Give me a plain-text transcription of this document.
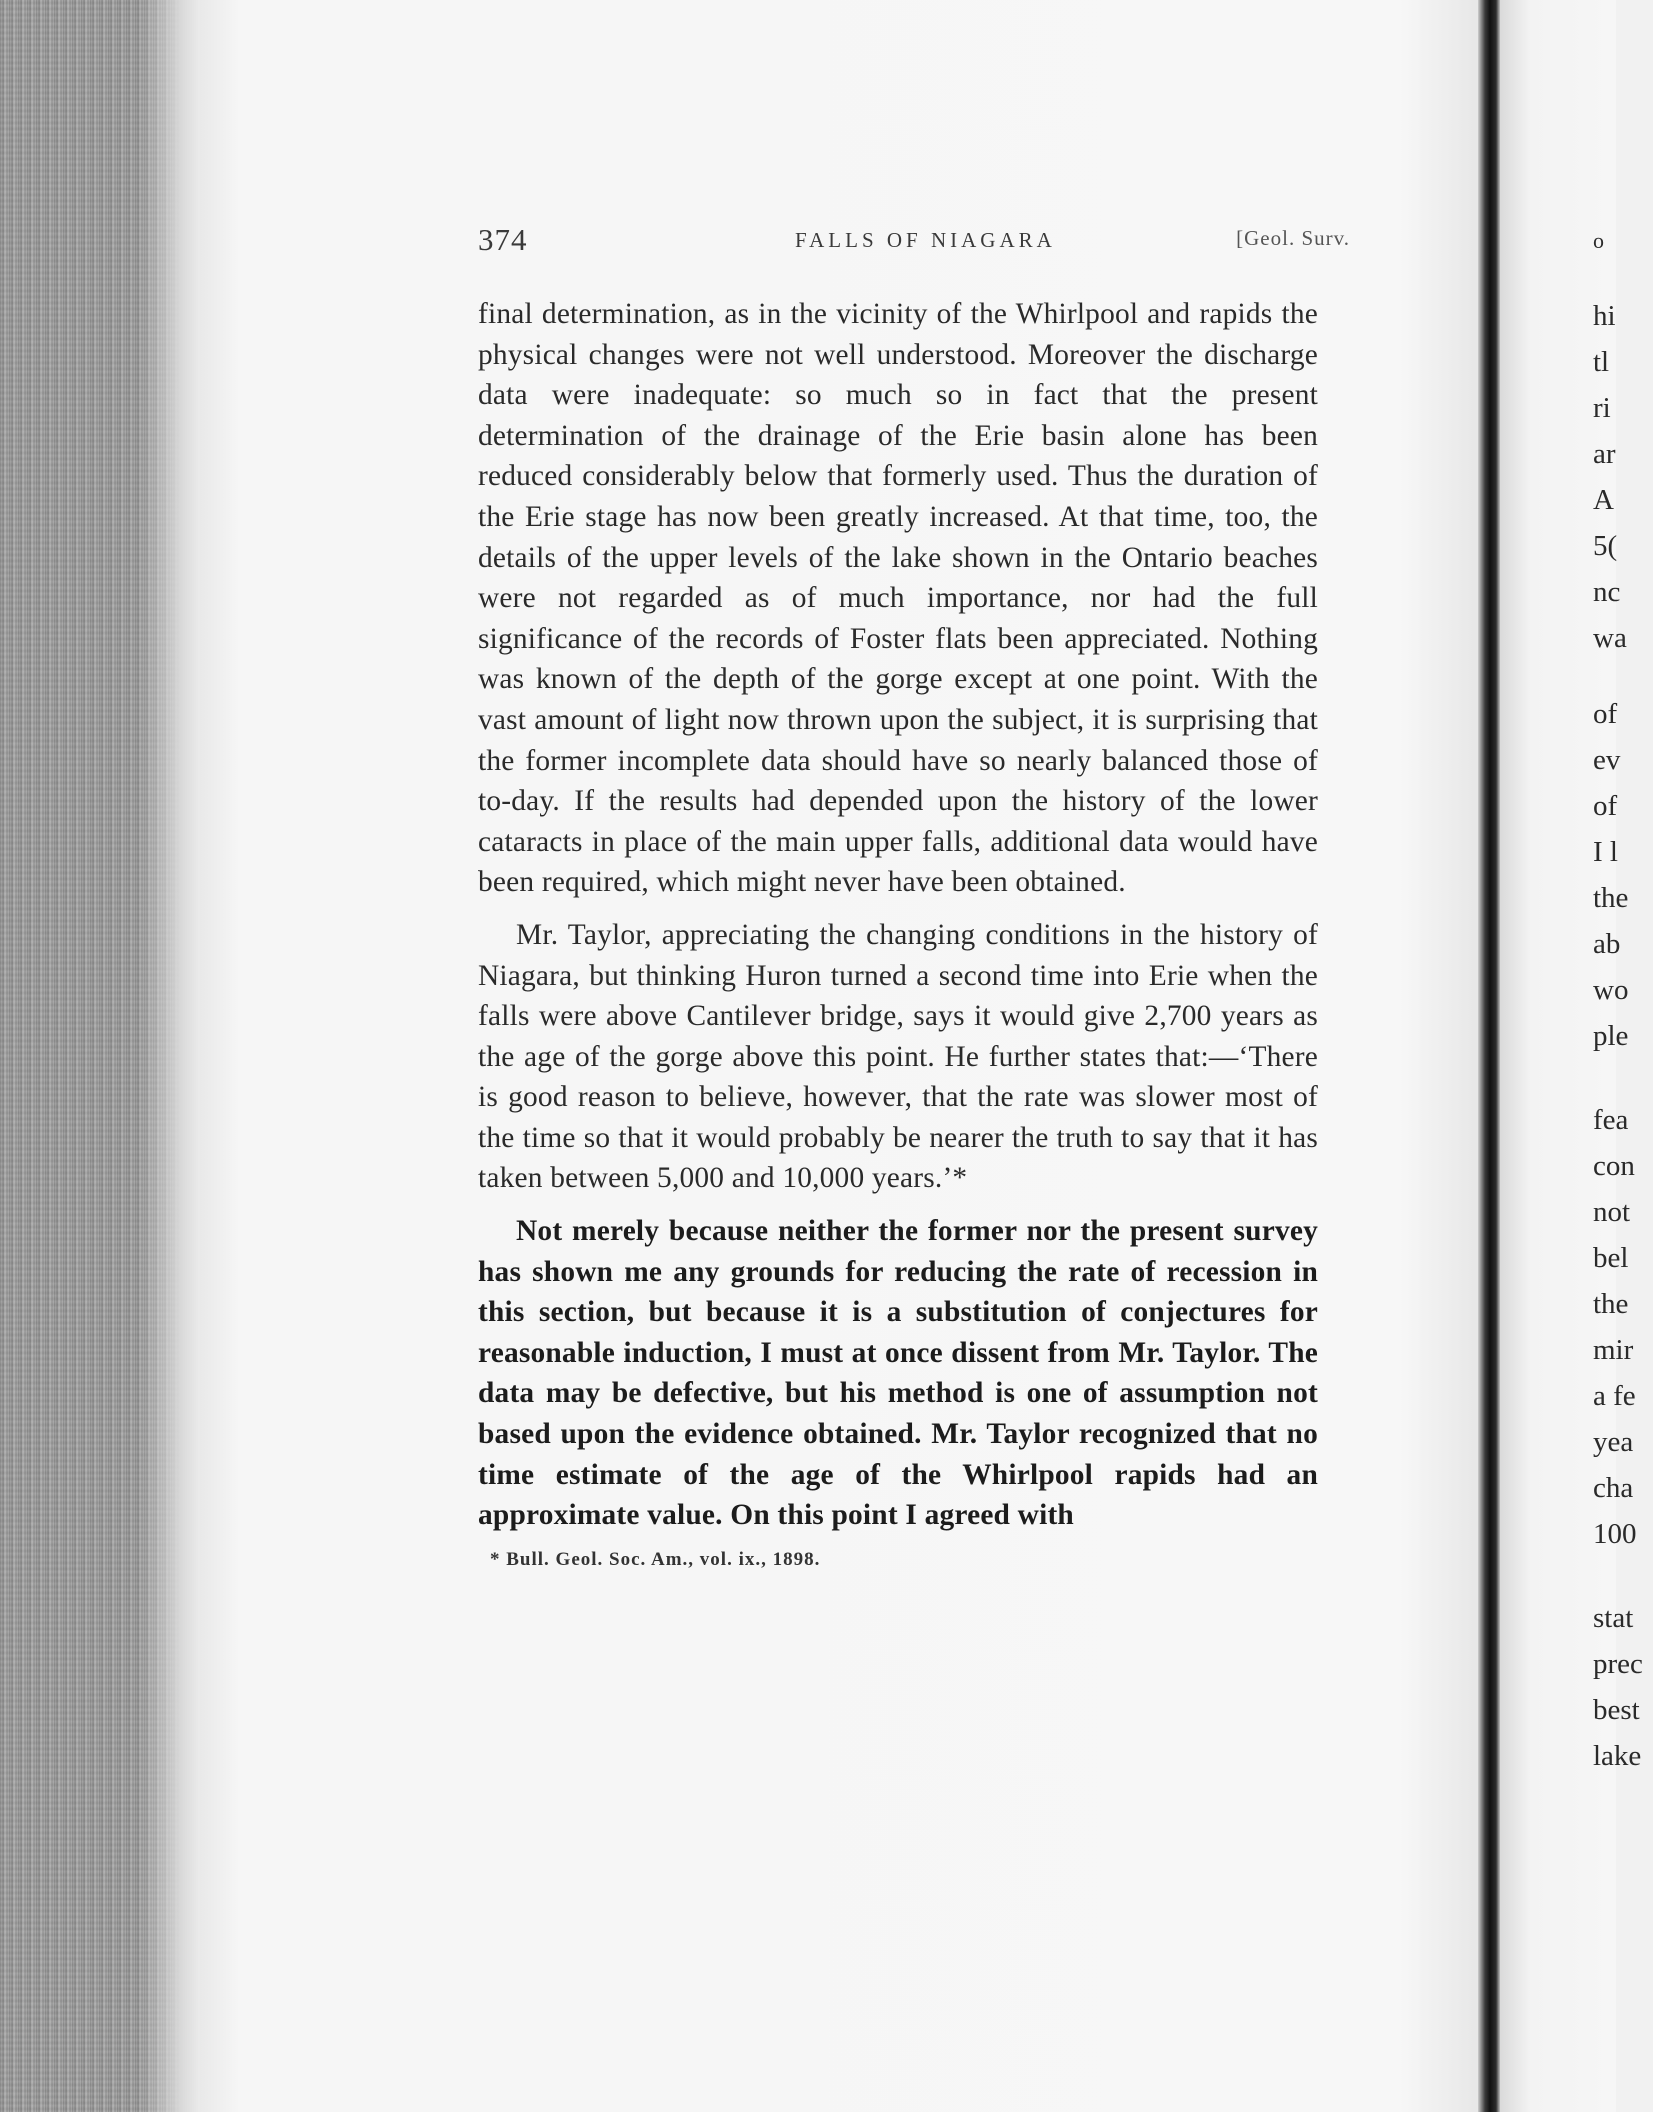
374	FALLS OF NIAGARA	[Geol. Surv.

final determination, as in the vicinity of the Whirlpool and rapids the physical changes were not well understood. Moreover the discharge data were inadequate: so much so in fact that the present determination of the drainage of the Erie basin alone has been reduced considerably below that formerly used. Thus the duration of the Erie stage has now been greatly increased. At that time, too, the details of the upper levels of the lake shown in the Ontario beaches were not regarded as of much importance, nor had the full significance of the records of Foster flats been appreciated. Nothing was known of the depth of the gorge except at one point. With the vast amount of light now thrown upon the subject, it is surprising that the former incomplete data should have so nearly balanced those of to-day. If the results had depended upon the history of the lower cataracts in place of the main upper falls, additional data would have been required, which might never have been obtained.

Mr. Taylor, appreciating the changing conditions in the history of Niagara, but thinking Huron turned a second time into Erie when the falls were above Cantilever bridge, says it would give 2,700 years as the age of the gorge above this point. He further states that:—‘There is good reason to believe, however, that the rate was slower most of the time so that it would probably be nearer the truth to say that it has taken between 5,000 and 10,000 years.’*

Not merely because neither the former nor the present survey has shown me any grounds for reducing the rate of recession in this section, but because it is a substitution of conjectures for reasonable induction, I must at once dissent from Mr. Taylor. The data may be defective, but his method is one of assumption not based upon the evidence obtained. Mr. Taylor recognized that no time estimate of the age of the Whirlpool rapids had an approximate value. On this point I agreed with

* Bull. Geol. Soc. Am., vol. ix., 1898.
o
hi
tl
ri
ar
A
5(
nc
wa
of
ev
of
I l
the
ab
wo
ple
fea
con
not
bel
the
mir
a fe
yea
cha
100
stat
prec
best
lake
